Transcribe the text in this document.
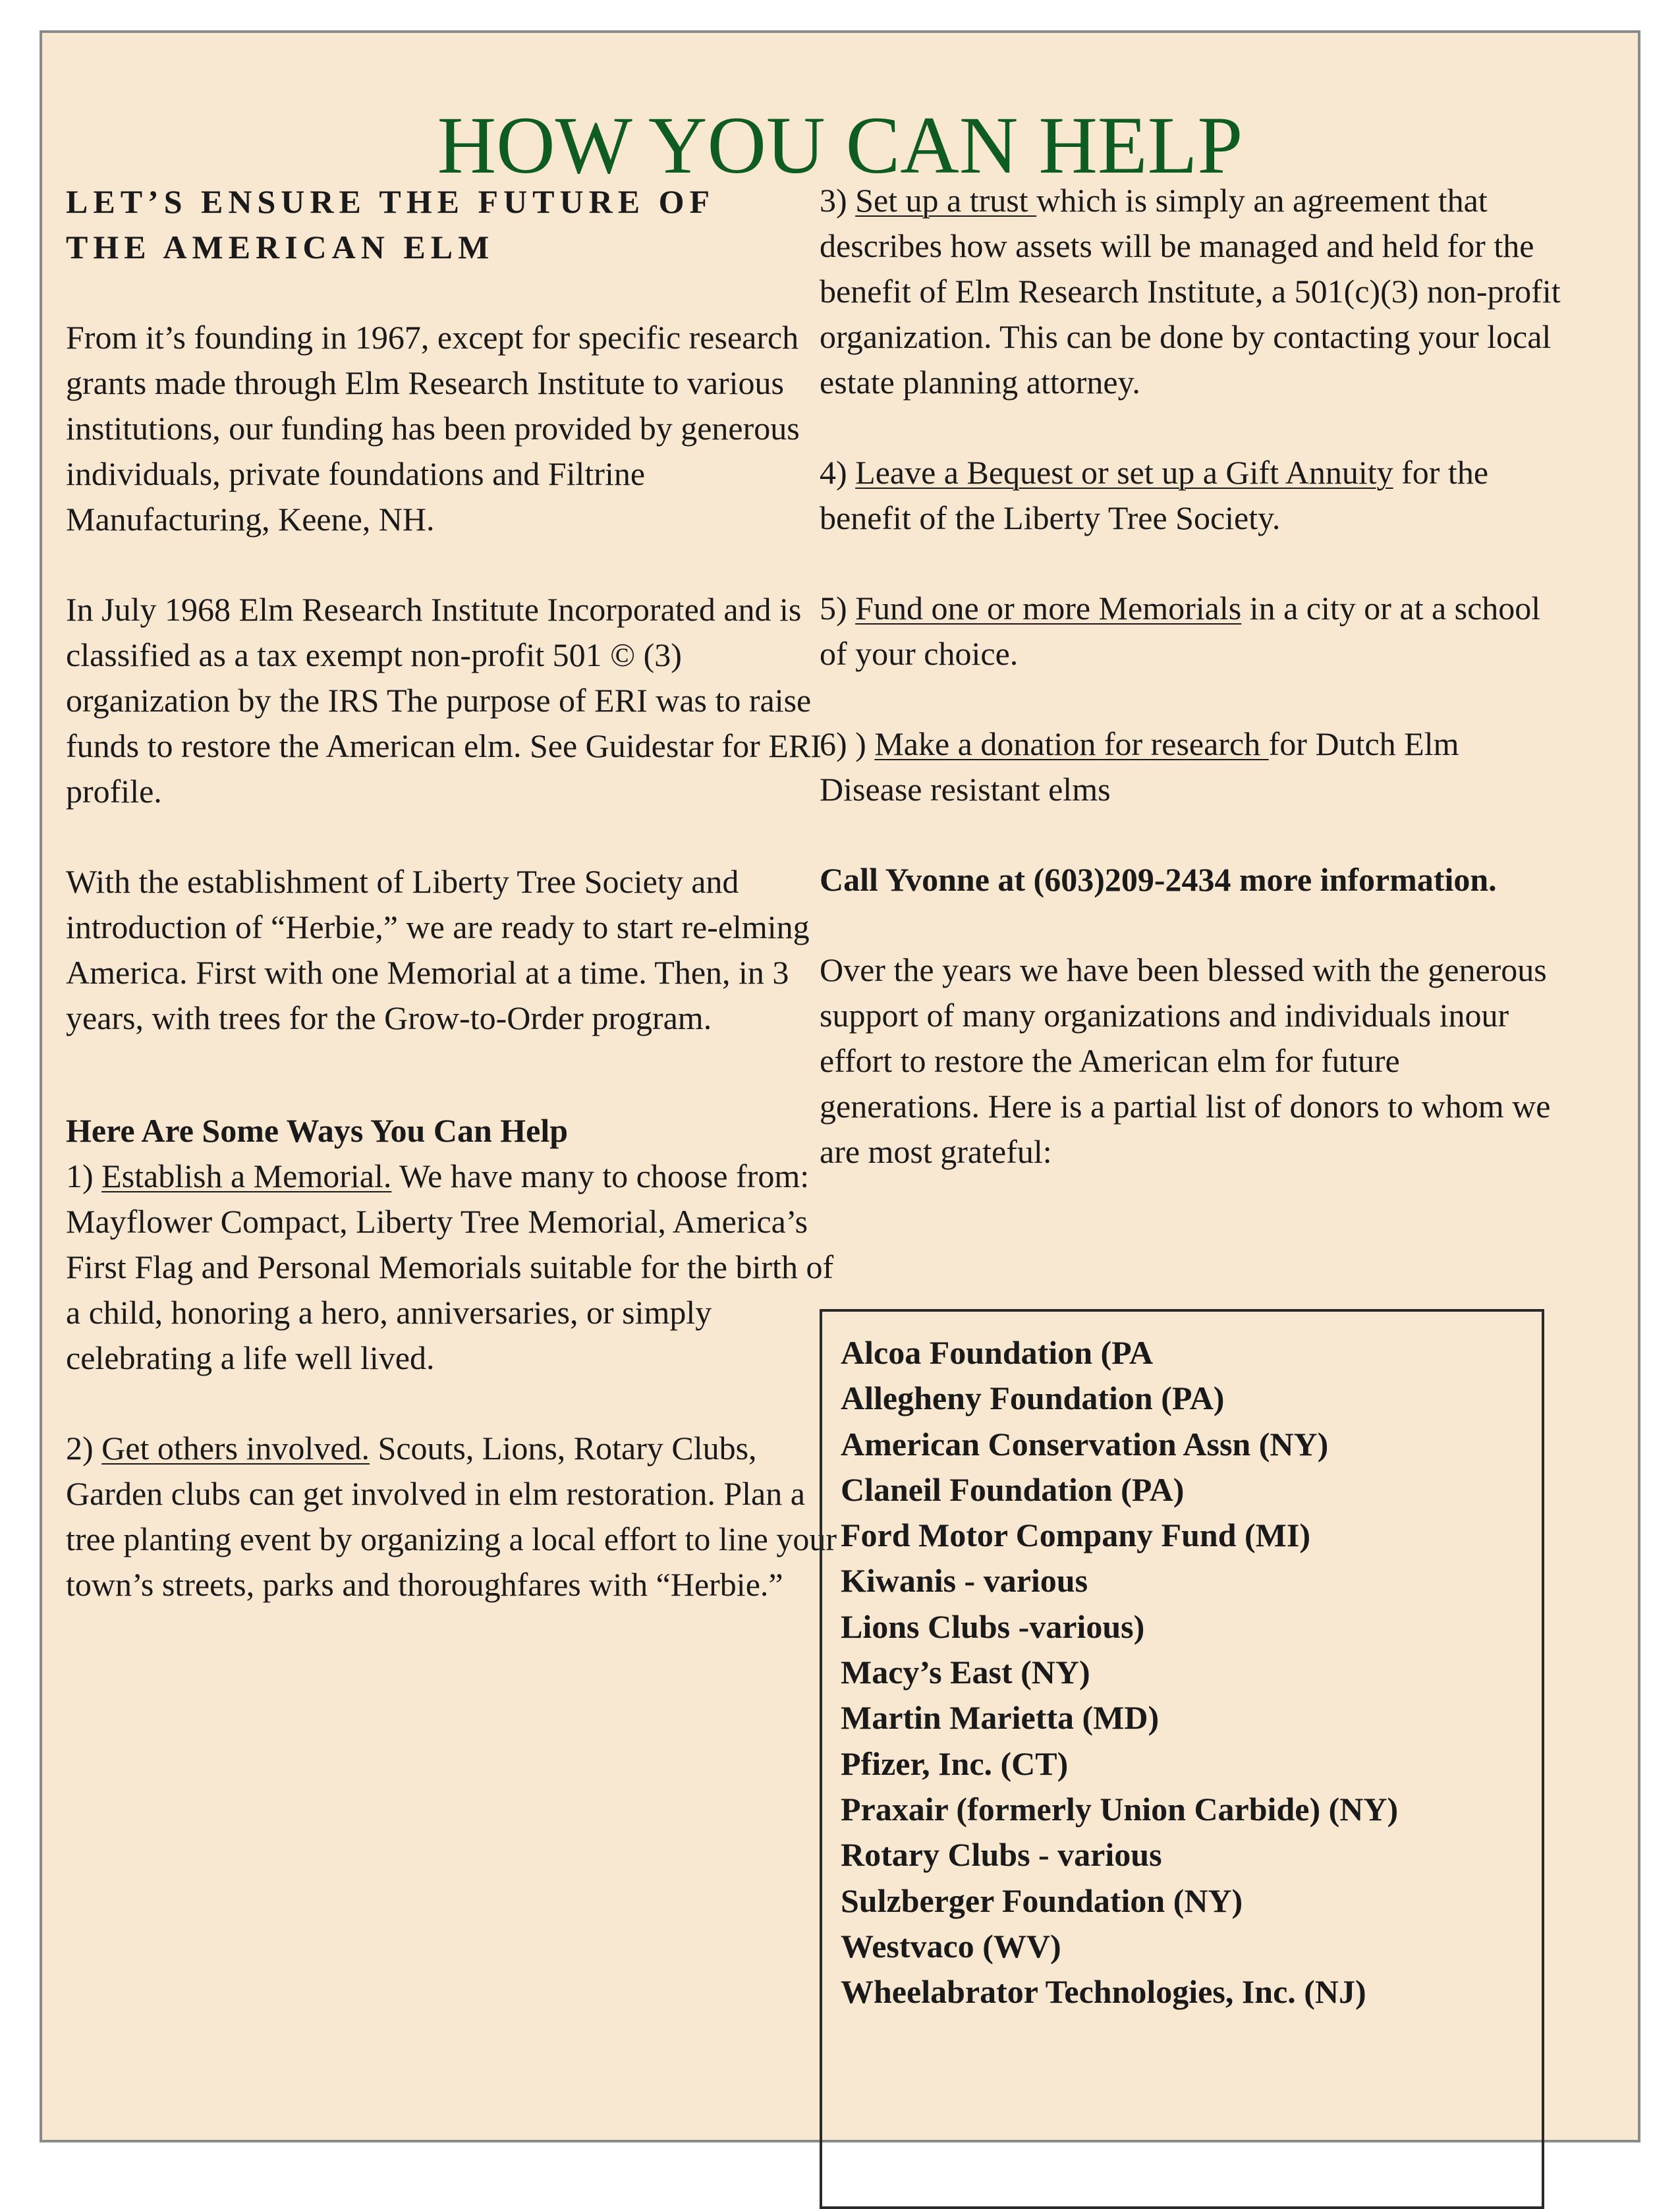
HOW YOU CAN HELP
LET’S ENSURE THE FUTURE OF
THE AMERICAN ELM

From it’s founding in 1967, except for specific research grants made through Elm Research Institute to various institutions, our funding has been provided by generous individuals, private foundations and Filtrine Manufacturing, Keene, NH.

In July 1968 Elm Research Institute Incorporated and is classified as a tax exempt non-profit 501 © (3) organization by the IRS The purpose of ERI was to raise funds to restore the American elm. See Guidestar for ERI profile.

With the establishment of Liberty Tree Society and introduction of “Herbie,” we are ready to start re-elming America. First with one Memorial at a time. Then, in 3 years, with trees for the Grow-to-Order program.

Here Are Some Ways You Can Help

1) Establish a Memorial. We have many to choose from: Mayflower Compact, Liberty Tree Memorial, America’s First Flag and Personal Memorials suitable for the birth of a child, honoring a hero, anniversaries, or simply celebrating a life well lived.

2) Get others involved. Scouts, Lions, Rotary Clubs, Garden clubs can get involved in elm restoration. Plan a tree planting event by organizing a local effort to line your town’s streets, parks and thoroughfares with “Herbie.”

3) Set up a trust which is simply an agreement that describes how assets will be managed and held for the benefit of Elm Research Institute, a 501(c)(3) non-profit organization. This can be done by contacting your local estate planning attorney.

4) Leave a Bequest or set up a Gift Annuity for the benefit of the Liberty Tree Society.

5) Fund one or more Memorials in a city or at a school of your choice.

6) ) Make a donation for research for Dutch Elm Disease resistant elms

Call Yvonne at (603)209-2434 more information.

Over the years we have been blessed with the generous support of many organizations and individuals inour effort to restore the American elm for future generations. Here is a partial list of donors to whom we are most grateful:

Alcoa Foundation (PA
Allegheny Foundation (PA)
American Conservation Assn (NY)
Claneil Foundation (PA)
Ford Motor Company Fund (MI)
Kiwanis - various
Lions Clubs -various)
Macy’s East (NY)
Martin Marietta (MD)
Pfizer, Inc. (CT)
Praxair (formerly Union Carbide) (NY)
Rotary Clubs - various
Sulzberger Foundation (NY)
Westvaco (WV)
Wheelabrator Technologies, Inc. (NJ)
